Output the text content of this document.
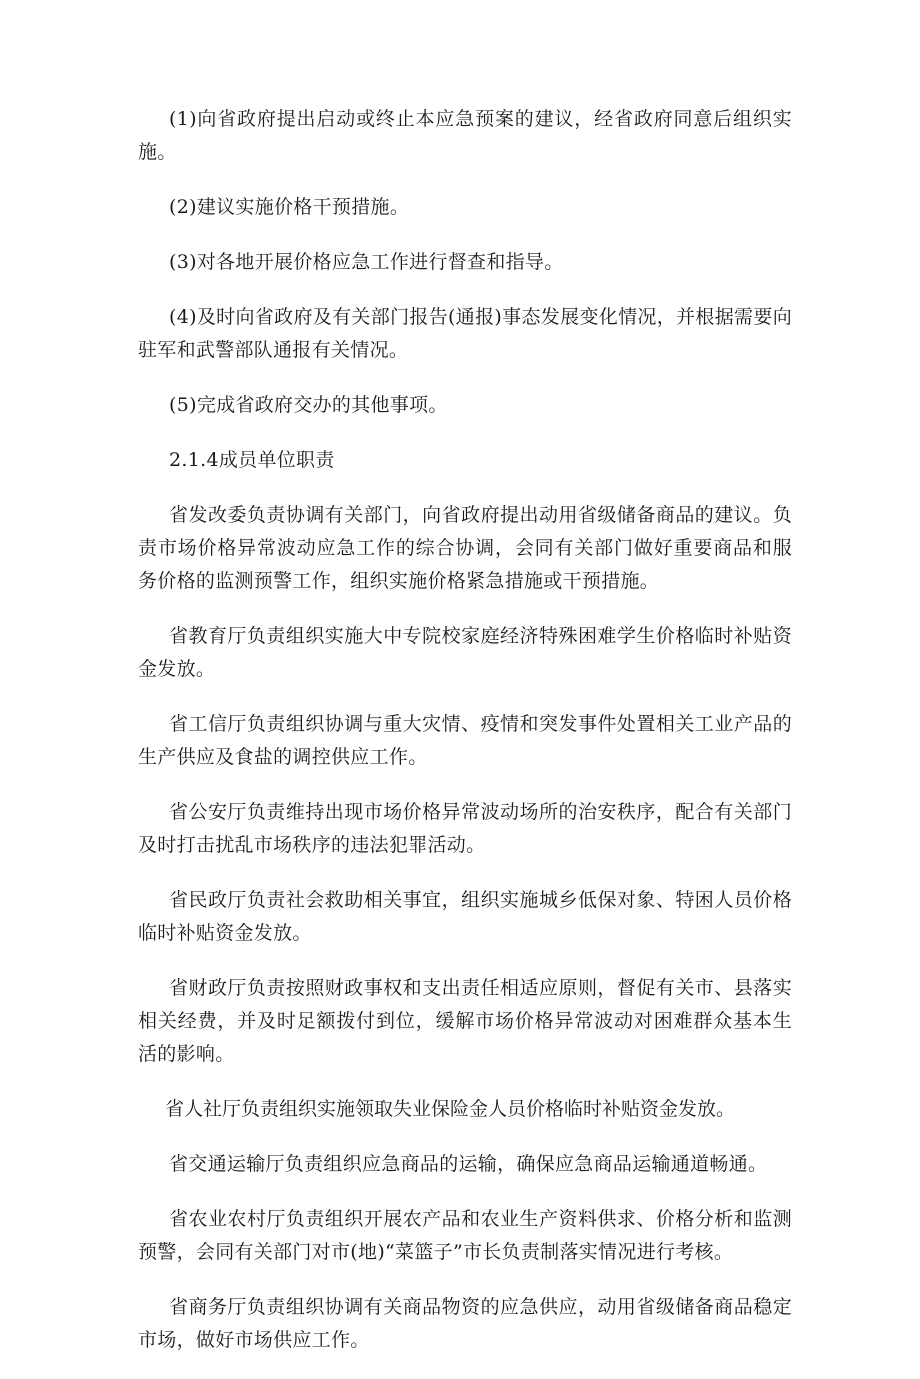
(1)向省政府提出启动或终止本应急预案的建议，经省政府同意后组织实施。

(2)建议实施价格干预措施。

(3)对各地开展价格应急工作进行督查和指导。

(4)及时向省政府及有关部门报告(通报)事态发展变化情况，并根据需要向驻军和武警部队通报有关情况。

(5)完成省政府交办的其他事项。

2.1.4成员单位职责

省发改委负责协调有关部门，向省政府提出动用省级储备商品的建议。负责市场价格异常波动应急工作的综合协调，会同有关部门做好重要商品和服务价格的监测预警工作，组织实施价格紧急措施或干预措施。

省教育厅负责组织实施大中专院校家庭经济特殊困难学生价格临时补贴资金发放。

省工信厅负责组织协调与重大灾情、疫情和突发事件处置相关工业产品的生产供应及食盐的调控供应工作。

省公安厅负责维持出现市场价格异常波动场所的治安秩序，配合有关部门及时打击扰乱市场秩序的违法犯罪活动。

省民政厅负责社会救助相关事宜，组织实施城乡低保对象、特困人员价格临时补贴资金发放。

省财政厅负责按照财政事权和支出责任相适应原则，督促有关市、县落实相关经费，并及时足额拨付到位，缓解市场价格异常波动对困难群众基本生活的影响。

省人社厅负责组织实施领取失业保险金人员价格临时补贴资金发放。

省交通运输厅负责组织应急商品的运输，确保应急商品运输通道畅通。

省农业农村厅负责组织开展农产品和农业生产资料供求、价格分析和监测预警，会同有关部门对市(地)“菜篮子”市长负责制落实情况进行考核。

省商务厅负责组织协调有关商品物资的应急供应，动用省级储备商品稳定市场，做好市场供应工作。
